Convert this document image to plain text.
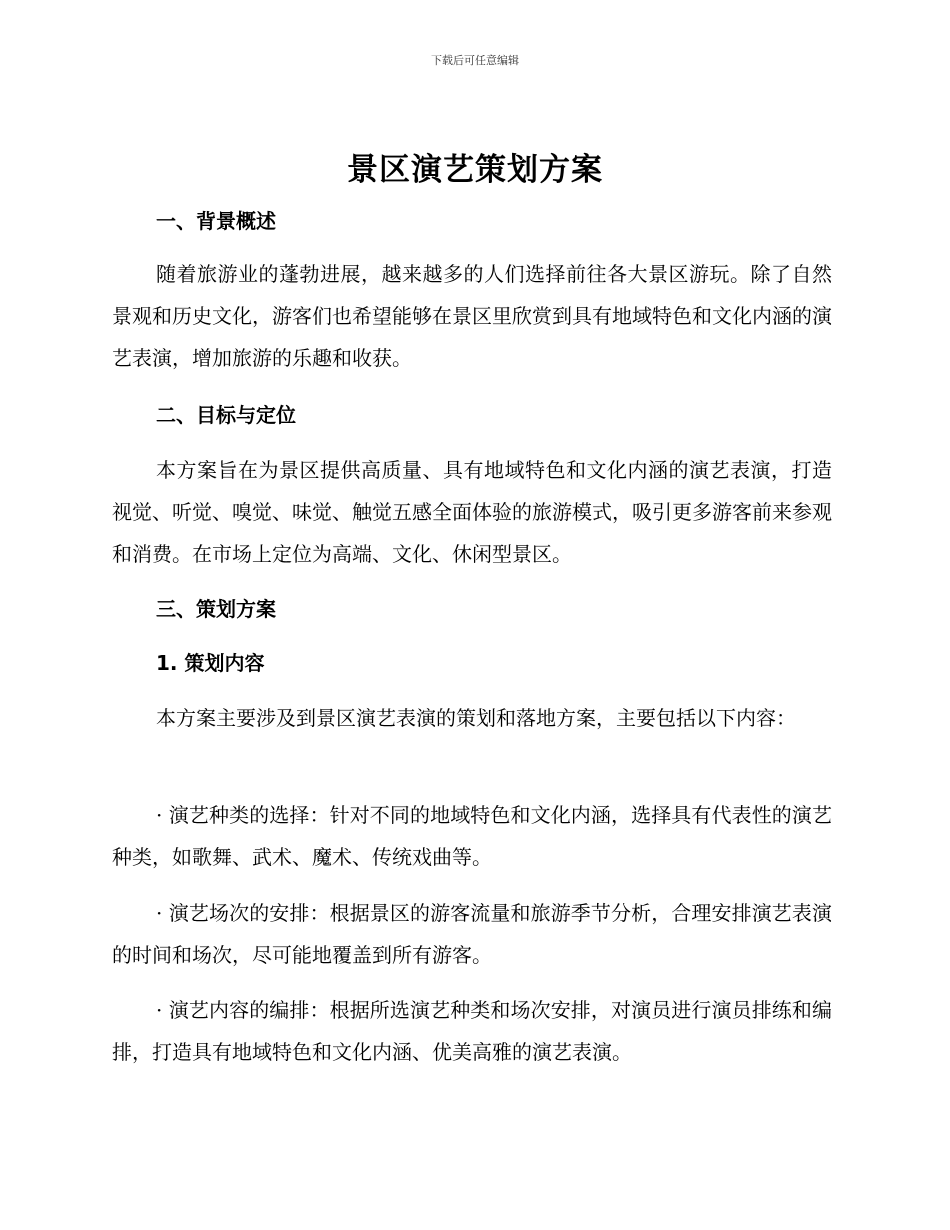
下载后可任意编辑
景区演艺策划方案
一、背景概述
随着旅游业的蓬勃进展，越来越多的人们选择前往各大景区游玩。除了自然景观和历史文化，游客们也希望能够在景区里欣赏到具有地域特色和文化内涵的演艺表演，增加旅游的乐趣和收获。
二、目标与定位
本方案旨在为景区提供高质量、具有地域特色和文化内涵的演艺表演，打造视觉、听觉、嗅觉、味觉、触觉五感全面体验的旅游模式，吸引更多游客前来参观和消费。在市场上定位为高端、文化、休闲型景区。
三、策划方案
1. 策划内容
本方案主要涉及到景区演艺表演的策划和落地方案，主要包括以下内容：
· 演艺种类的选择：针对不同的地域特色和文化内涵，选择具有代表性的演艺种类，如歌舞、武术、魔术、传统戏曲等。
· 演艺场次的安排：根据景区的游客流量和旅游季节分析，合理安排演艺表演的时间和场次，尽可能地覆盖到所有游客。
· 演艺内容的编排：根据所选演艺种类和场次安排，对演员进行演员排练和编排，打造具有地域特色和文化内涵、优美高雅的演艺表演。
